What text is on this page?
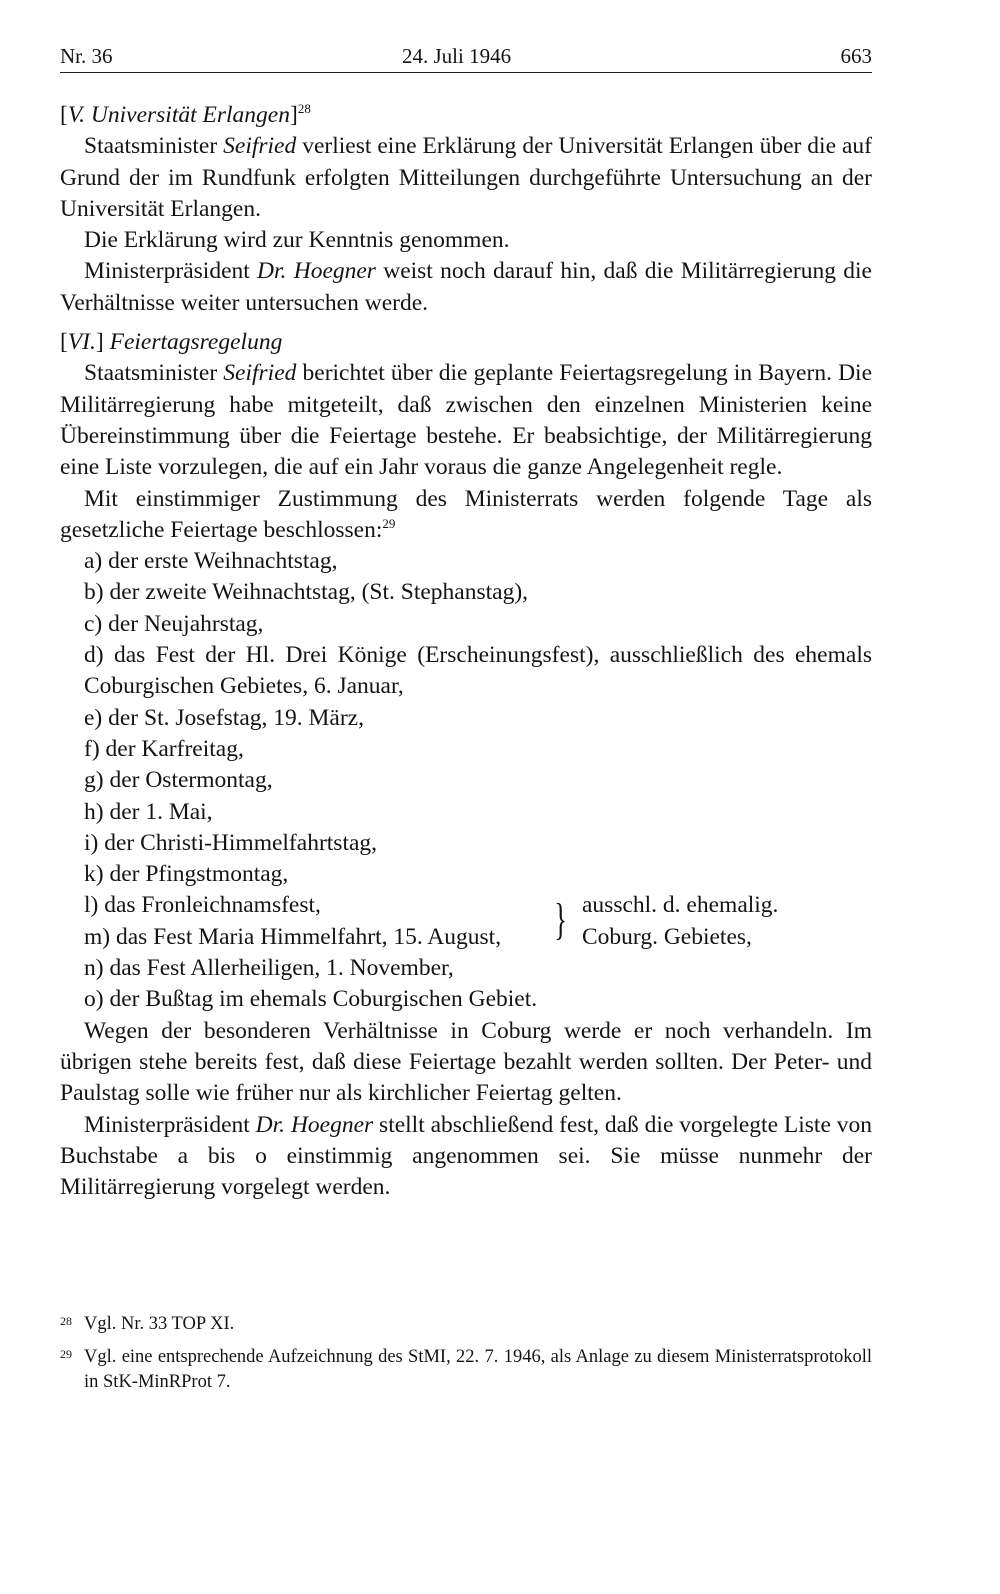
Nr. 36	24. Juli 1946	663

[V. Universität Erlangen]$^{28}$

Staatsminister Seifried verliest eine Erklärung der Universität Erlangen über die auf Grund der im Rundfunk erfolgten Mitteilungen durchgeführte Untersuchung an der Universität Erlangen.

Die Erklärung wird zur Kenntnis genommen.

Ministerpräsident Dr. Hoegner weist noch darauf hin, daß die Militärregierung die Verhältnisse weiter untersuchen werde.

[VI.] Feiertagsregelung

Staatsminister Seifried berichtet über die geplante Feiertagsregelung in Bayern. Die Militärregierung habe mitgeteilt, daß zwischen den einzelnen Ministerien keine Übereinstimmung über die Feiertage bestehe. Er beabsichtige, der Militärregierung eine Liste vorzulegen, die auf ein Jahr voraus die ganze Angelegenheit regle.

Mit einstimmiger Zustimmung des Ministerrats werden folgende Tage als gesetzliche Feiertage beschlossen:$^{29}$

a) der erste Weihnachtstag,
b) der zweite Weihnachtstag, (St. Stephanstag),
c) der Neujahrstag,
d) das Fest der Hl. Drei Könige (Erscheinungsfest), ausschließlich des ehemals Coburgischen Gebietes, 6. Januar,
e) der St. Josefstag, 19. März,
f) der Karfreitag,
g) der Ostermontag,
h) der 1. Mai,
i) der Christi-Himmelfahrtstag,
k) der Pfingstmontag,
l) das Fronleichnamsfest,
m) das Fest Maria Himmelfahrt, 15. August,	} ausschl. d. ehemalig.
Coburg. Gebietes,
n) das Fest Allerheiligen, 1. November,
o) der Bußtag im ehemals Coburgischen Gebiet.

Wegen der besonderen Verhältnisse in Coburg werde er noch verhandeln. Im übrigen stehe bereits fest, daß diese Feiertage bezahlt werden sollten. Der Peter- und Paulstag solle wie früher nur als kirchlicher Feiertag gelten.

Ministerpräsident Dr. Hoegner stellt abschließend fest, daß die vorgelegte Liste von Buchstabe a bis o einstimmig angenommen sei. Sie müsse nunmehr der Militärregierung vorgelegt werden.

28 Vgl. Nr. 33 TOP XI.
29 Vgl. eine entsprechende Aufzeichnung des StMI, 22. 7. 1946, als Anlage zu diesem Ministerratsprotokoll in StK-MinRProt 7.
